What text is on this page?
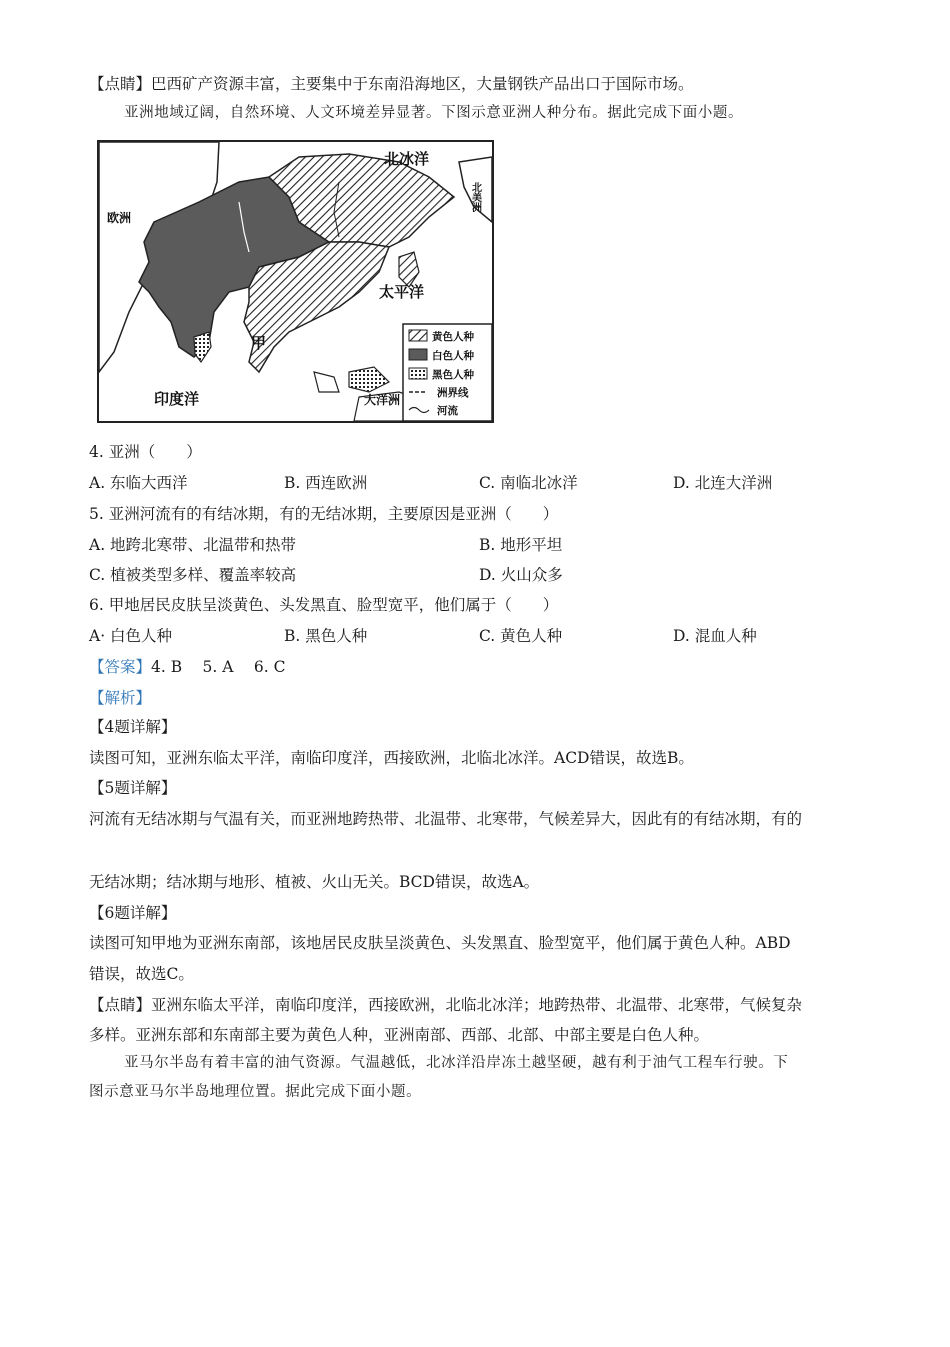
【点睛】巴西矿产资源丰富，主要集中于东南沿海地区，大量钢铁产品出口于国际市场。
亚洲地域辽阔，自然环境、人文环境差异显著。下图示意亚洲人种分布。据此完成下面小题。
北冰洋
欧洲
太平洋
印度洋
甲
大洋洲
北美洲
黄色人种
白色人种
黑色人种
洲界线
河流
4. 亚洲（　　）
A. 东临大西洋	B. 西连欧洲	C. 南临北冰洋	D. 北连大洋洲
5. 亚洲河流有的有结冰期，有的无结冰期，主要原因是亚洲（　　）
A. 地跨北寒带、北温带和热带	B. 地形平坦
C. 植被类型多样、覆盖率较高	D. 火山众多
6. 甲地居民皮肤呈淡黄色、头发黑直、脸型宽平，他们属于（　　）
A· 白色人种	B. 黑色人种	C. 黄色人种	D. 混血人种
【答案】4. B　 5. A　 6. C
【解析】
【4题详解】
读图可知，亚洲东临太平洋，南临印度洋，西接欧洲，北临北冰洋。ACD错误，故选B。
【5题详解】
河流有无结冰期与气温有关，而亚洲地跨热带、北温带、北寒带，气候差异大，因此有的有结冰期，有的
无结冰期；结冰期与地形、植被、火山无关。BCD错误，故选A。
【6题详解】
读图可知甲地为亚洲东南部，该地居民皮肤呈淡黄色、头发黑直、脸型宽平，他们属于黄色人种。ABD
错误，故选C。
【点睛】亚洲东临太平洋，南临印度洋，西接欧洲，北临北冰洋；地跨热带、北温带、北寒带，气候复杂
多样。亚洲东部和东南部主要为黄色人种，亚洲南部、西部、北部、中部主要是白色人种。
亚马尔半岛有着丰富的油气资源。气温越低，北冰洋沿岸冻土越坚硬，越有利于油气工程车行驶。下
图示意亚马尔半岛地理位置。据此完成下面小题。
